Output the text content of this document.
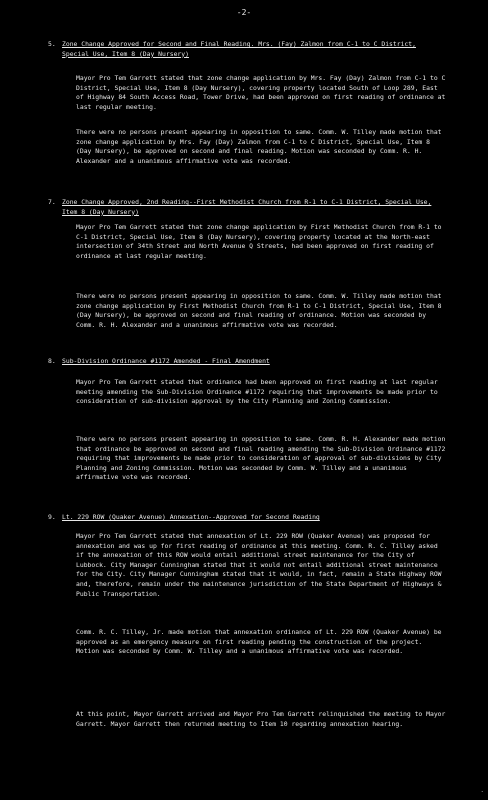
-2-
5. Zone Change Approved for Second and Final Reading. Mrs. (Fay) Zalmon from C-1 to C District, Special Use, Item 8 (Day Nursery)

Mayor Pro Tem Garrett stated that zone change application by Mrs. Fay (Day) Zalmon from C-1 to C District, Special Use, Item 8 (Day Nursery), covering property located South of Loop 289, East of Highway 84 South Access Road, Tower Drive, had been approved on first reading of ordinance at last regular meeting.

There were no persons present appearing in opposition to same. Comm. W. Tilley made motion that zone change application by Mrs. Fay (Day) Zalmon from C-1 to C District, Special Use, Item 8 (Day Nursery), be approved on second and final reading. Motion was seconded by Comm. R. H. Alexander and a unanimous affirmative vote was recorded.

7. Zone Change Approved, 2nd Reading--First Methodist Church from R-1 to C-1 District, Special Use, Item 8 (Day Nursery)

Mayor Pro Tem Garrett stated that zone change application by First Methodist Church from R-1 to C-1 District, Special Use, Item 8 (Day Nursery), covering property located at the North-east intersection of 34th Street and North Avenue Q Streets, had been approved on first reading of ordinance at last regular meeting.

There were no persons present appearing in opposition to same. Comm. W. Tilley made motion that zone change application by First Methodist Church from R-1 to C-1 District, Special Use, Item 8 (Day Nursery), be approved on second and final reading of ordinance. Motion was seconded by Comm. R. H. Alexander and a unanimous affirmative vote was recorded.

8. Sub-Division Ordinance #1172 Amended - Final Amendment

Mayor Pro Tem Garrett stated that ordinance had been approved on first reading at last regular meeting amending the Sub-Division Ordinance #1172 requiring that improvements be made prior to consideration of sub-division approval by the City Planning and Zoning Commission.

There were no persons present appearing in opposition to same. Comm. R. H. Alexander made motion that ordinance be approved on second and final reading amending the Sub-Division Ordinance #1172 requiring that improvements be made prior to consideration of approval of sub-divisions by City Planning and Zoning Commission. Motion was seconded by Comm. W. Tilley and a unanimous affirmative vote was recorded.

9. Lt. 229 ROW (Quaker Avenue) Annexation--Approved for Second Reading

Mayor Pro Tem Garrett stated that annexation of Lt. 229 ROW (Quaker Avenue) was proposed for annexation and was up for first reading of ordinance at this meeting. Comm. R. C. Tilley asked if the annexation of this ROW would entail additional street maintenance for the City of Lubbock. City Manager Cunningham stated that it would not entail additional street maintenance for the City. City Manager Cunningham stated that it would, in fact, remain a State Highway ROW and, therefore, remain under the maintenance jurisdiction of the State Department of Highways & Public Transportation.

Comm. R. C. Tilley, Jr. made motion that annexation ordinance of Lt. 229 ROW (Quaker Avenue) be approved as an emergency measure on first reading pending the construction of the project. Motion was seconded by Comm. W. Tilley and a unanimous affirmative vote was recorded.

At this point, Mayor Garrett arrived and Mayor Pro Tem Garrett relinquished the meeting to Mayor Garrett. Mayor Garrett then returned meeting to Item 10 regarding annexation hearing.

.
